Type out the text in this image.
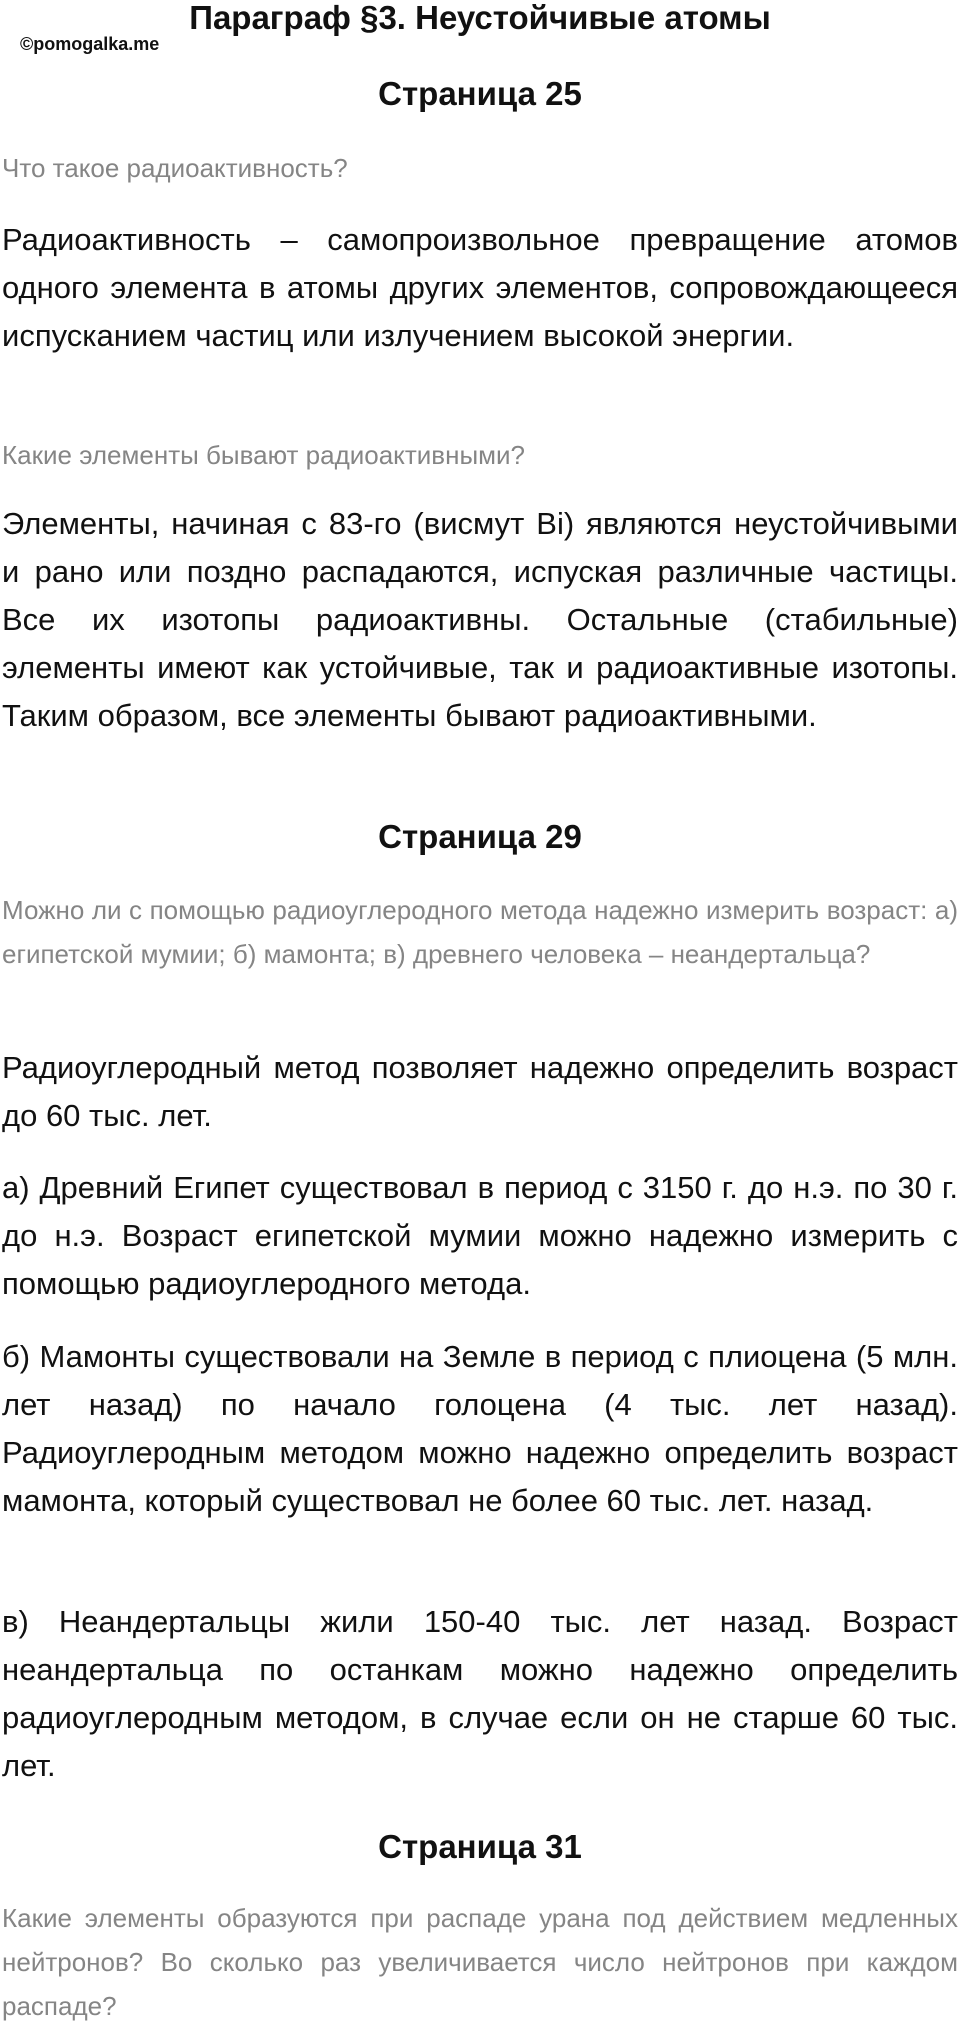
Параграф §3. Неустойчивые атомы
©pomogalka.me
Страница 25
Что такое радиоактивность?
Радиоактивность – самопроизвольное превращение атомов одного элемента в атомы других элементов, сопровождающееся испусканием частиц или излучением высокой энергии.
Какие элементы бывают радиоактивными?
Элементы, начиная с 83-го (висмут Bi) являются неустойчивыми и рано или поздно распадаются, испуская различные частицы. Все их изотопы радиоактивны. Остальные (стабильные) элементы имеют как устойчивые, так и радиоактивные изотопы. Таким образом, все элементы бывают радиоактивными.
Страница 29
Можно ли с помощью радиоуглеродного метода надежно измерить возраст: а) египетской мумии; б) мамонта; в) древнего человека – неандертальца?
Радиоуглеродный метод позволяет надежно определить возраст до 60 тыс. лет.
а) Древний Египет существовал в период с 3150 г. до н.э. по 30 г. до н.э. Возраст египетской мумии можно надежно измерить с помощью радиоуглеродного метода.
б) Мамонты существовали на Земле в период с плиоцена (5 млн. лет назад) по начало голоцена (4 тыс. лет назад). Радиоуглеродным методом можно надежно определить возраст мамонта, который существовал не более 60 тыс. лет. назад.
в) Неандертальцы жили 150-40 тыс. лет назад. Возраст неандертальца по останкам можно надежно определить радиоуглеродным методом, в случае если он не старше 60 тыс. лет.
Страница 31
Какие элементы образуются при распаде урана под действием медленных нейтронов? Во сколько раз увеличивается число нейтронов при каждом распаде?
